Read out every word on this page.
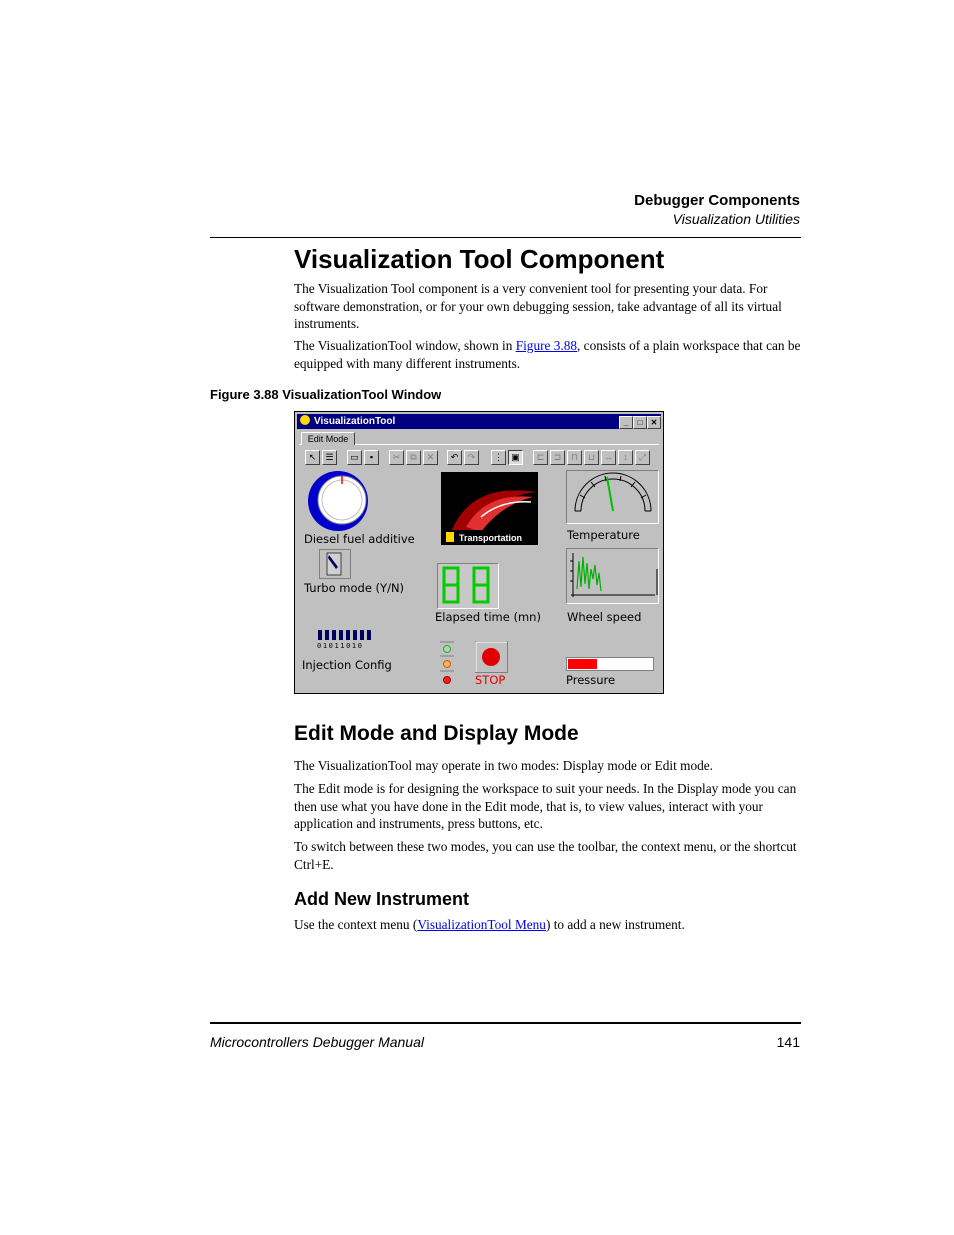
Debugger Components
Visualization Utilities
Visualization Tool Component
The Visualization Tool component is a very convenient tool for presenting your data. For software demonstration, or for your own debugging session, take advantage of all its virtual instruments.
The VisualizationTool window, shown in Figure 3.88, consists of a plain workspace that can be equipped with many different instruments.
Figure 3.88 VisualizationTool Window
VisualizationTool	_	□	✕
Edit Mode
↖	☰	▭	▪	✂	⧉	✕	↶	↷	⋮ ▣	⊏	⊐	⊓	⊔ ↔	↕	⤢
Diesel fuel additive	Transportation	Temperature
Turbo mode (Y/N)
Elapsed time (mn) Wheel speed
01011010
Injection Config
STOP	Pressure
Edit Mode and Display Mode
The VisualizationTool may operate in two modes: Display mode or Edit mode.
The Edit mode is for designing the workspace to suit your needs. In the Display mode you can then use what you have done in the Edit mode, that is, to view values, interact with your application and instruments, press buttons, etc.
To switch between these two modes, you can use the toolbar, the context menu, or the shortcut Ctrl+E.
Add New Instrument
Use the context menu (VisualizationTool Menu) to add a new instrument.
Microcontrollers Debugger Manual	141
